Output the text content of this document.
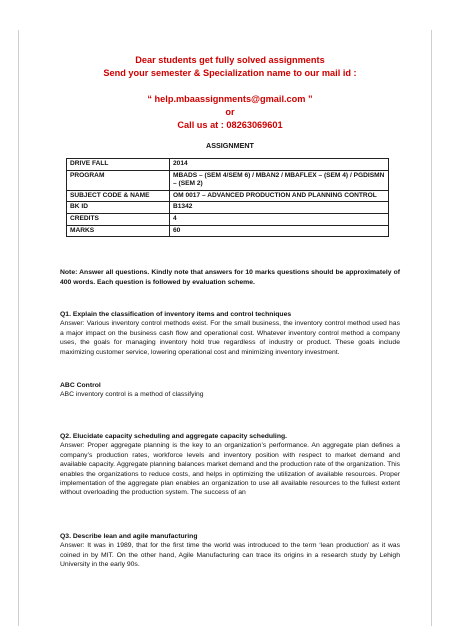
Dear students get fully solved assignments
Send your semester & Specialization name to our mail id :
“ help.mbaassignments@gmail.com ”
or
Call us at : 08263069601
ASSIGNMENT
DRIVE FALL	2014
PROGRAM	MBADS – (SEM 4/SEM 6) / MBAN2 / MBAFLEX – (SEM 4) / PGDISMN – (SEM 2)
SUBJECT CODE & NAME	OM 0017 – ADVANCED PRODUCTION AND PLANNING CONTROL
BK ID	B1342
CREDITS	4
MARKS	60
Note: Answer all questions. Kindly note that answers for 10 marks questions should be approximately of 400 words. Each question is followed by evaluation scheme.
Q1. Explain the classification of inventory items and control techniques
Answer: Various inventory control methods exist. For the small business, the inventory control method used has a major impact on the business cash flow and operational cost. Whatever inventory control method a company uses, the goals for managing inventory hold true regardless of industry or product. These goals include maximizing customer service, lowering operational cost and minimizing inventory investment.
ABC Control
ABC inventory control is a method of classifying
Q2. Elucidate capacity scheduling and aggregate capacity scheduling.
Answer: Proper aggregate planning is the key to an organization’s performance. An aggregate plan defines a company’s production rates, workforce levels and inventory position with respect to market demand and available capacity. Aggregate planning balances market demand and the production rate of the organization. This enables the organizations to reduce costs, and helps in optimizing the utilization of available resources. Proper implementation of the aggregate plan enables an organization to use all available resources to the fullest extent without overloading the production system. The success of an
Q3. Describe lean and agile manufacturing
Answer: It was in 1989, that for the first time the world was introduced to the term ‘lean production’ as it was coined in by MIT. On the other hand, Agile Manufacturing can trace its origins in a research study by Lehigh University in the early 90s.
